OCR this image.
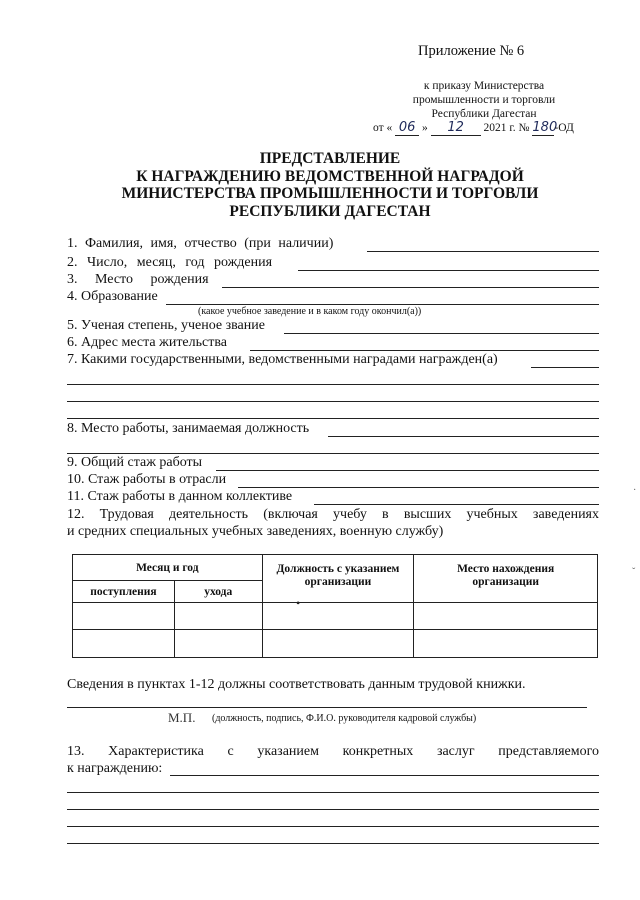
Приложение № 6
к приказу Министерства
промышленности и торговли
Республики Дагестан
от « 06 » 12 2021 г. № 180-ОД
ПРЕДСТАВЛЕНИЕ
К НАГРАЖДЕНИЮ ВЕДОМСТВЕННОЙ НАГРАДОЙ
МИНИСТЕРСТВА ПРОМЫШЛЕННОСТИ И ТОРГОВЛИ
РЕСПУБЛИКИ ДАГЕСТАН
1. Фамилия, имя, отчество (при наличии)
2. Число, месяц, год рождения
3. Место рождения
4. Образование
(какое учебное заведение и в каком году окончил(а))
5. Ученая степень, ученое звание
6. Адрес места жительства
7. Какими государственными, ведомственными наградами награжден(а)
8. Место работы, занимаемая должность
9. Общий стаж работы
10. Стаж работы в отрасли
11. Стаж работы в данном коллективе
12. Трудовая деятельность (включая учебу в высших учебных заведениях
и средних специальных учебных заведениях, военную службу)
Месяц и год		Должность с указанием организации	Место нахождения организации
поступления	ухода		

Сведения в пунктах 1-12 должны соответствовать данным трудовой книжки.
М.П. (должность, подпись, Ф.И.О. руководителя кадровой службы)
13. Характеристика с указанием конкретных заслуг представляемого
к награждению:
ˇ
·
•
